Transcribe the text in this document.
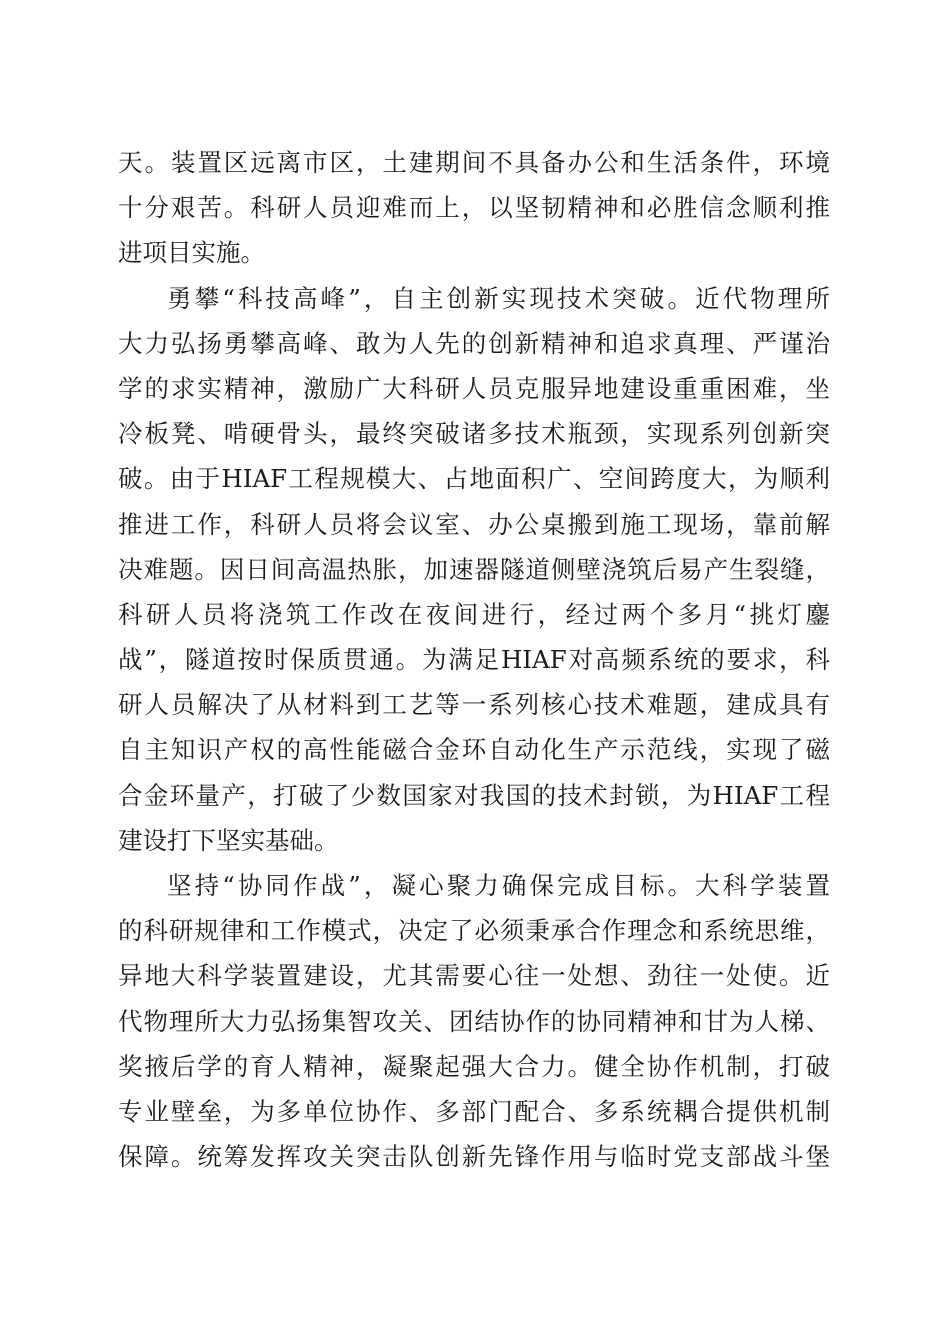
天。装置区远离市区，土建期间不具备办公和生活条件，环境
十分艰苦。科研人员迎难而上，以坚韧精神和必胜信念顺利推
进项目实施。
勇攀“科技高峰”，自主创新实现技术突破。近代物理所
大力弘扬勇攀高峰、敢为人先的创新精神和追求真理、严谨治
学的求实精神，激励广大科研人员克服异地建设重重困难，坐
冷板凳、啃硬骨头，最终突破诸多技术瓶颈，实现系列创新突
破。由于HIAF工程规模大、占地面积广、空间跨度大，为顺利
推进工作，科研人员将会议室、办公桌搬到施工现场，靠前解
决难题。因日间高温热胀，加速器隧道侧壁浇筑后易产生裂缝，
科研人员将浇筑工作改在夜间进行，经过两个多月“挑灯鏖
战”，隧道按时保质贯通。为满足HIAF对高频系统的要求，科
研人员解决了从材料到工艺等一系列核心技术难题，建成具有
自主知识产权的高性能磁合金环自动化生产示范线，实现了磁
合金环量产，打破了少数国家对我国的技术封锁，为HIAF工程
建设打下坚实基础。
坚持“协同作战”，凝心聚力确保完成目标。大科学装置
的科研规律和工作模式，决定了必须秉承合作理念和系统思维，
异地大科学装置建设，尤其需要心往一处想、劲往一处使。近
代物理所大力弘扬集智攻关、团结协作的协同精神和甘为人梯、
奖掖后学的育人精神，凝聚起强大合力。健全协作机制，打破
专业壁垒，为多单位协作、多部门配合、多系统耦合提供机制
保障。统筹发挥攻关突击队创新先锋作用与临时党支部战斗堡
